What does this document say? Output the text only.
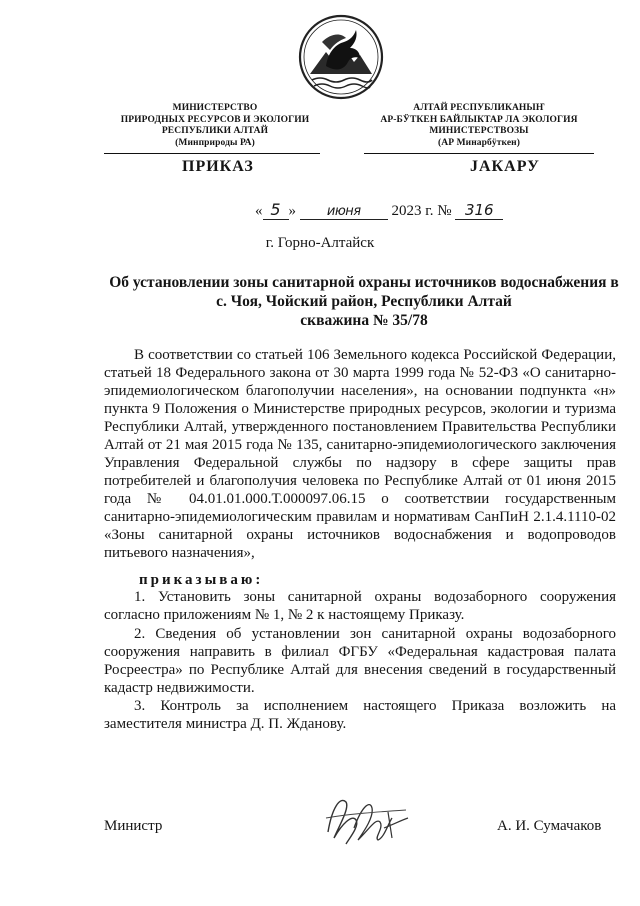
МИНИСТЕРСТВО
ПРИРОДНЫХ РЕСУРСОВ И ЭКОЛОГИИ
РЕСПУБЛИКИ АЛТАЙ
(Минприроды РА)
АЛТАЙ РЕСПУБЛИКАНЫҤ
АР-БӰТКЕН БАЙЛЫКТАР ЛА ЭКОЛОГИЯ
МИНИСТЕРСТВОЗЫ
(АР Минарбӱткен)
ПРИКАЗ	JАКАРУ
« 5 » июня 2023 г. № 316
г. Горно-Алтайск
Об установлении зоны санитарной охраны источников водоснабжения в
с. Чоя, Чойский район, Республики Алтай
скважина № 35/78
В соответствии со статьей 106 Земельного кодекса Российской Федерации, статьей 18 Федерального закона от 30 марта 1999 года № 52-ФЗ «О санитарно-эпидемиологическом благополучии населения», на основании подпункта «н» пункта 9 Положения о Министерстве природных ресурсов, экологии и туризма Республики Алтай, утвержденного постановлением Правительства Республики Алтай от 21 мая 2015 года № 135, санитарно-эпидемиологического заключения Управления Федеральной службы по надзору в сфере защиты прав потребителей и благополучия человека по Республике Алтай от 01 июня 2015 года № 04.01.01.000.Т.000097.06.15 о соответствии государственным санитарно-эпидемиологическим правилам и нормативам СанПиН 2.1.4.1110-02 «Зоны санитарной охраны источников водоснабжения и водопроводов питьевого назначения»,
приказываю:
1. Установить зоны санитарной охраны водозаборного сооружения согласно приложениям № 1, № 2 к настоящему Приказу.
2. Сведения об установлении зон санитарной охраны водозаборного сооружения направить в филиал ФГБУ «Федеральная кадастровая палата Росреестра» по Республике Алтай для внесения сведений в государственный кадастр недвижимости.
3. Контроль за исполнением настоящего Приказа возложить на заместителя министра Д. П. Жданову.
Министр	А. И. Сумачаков
